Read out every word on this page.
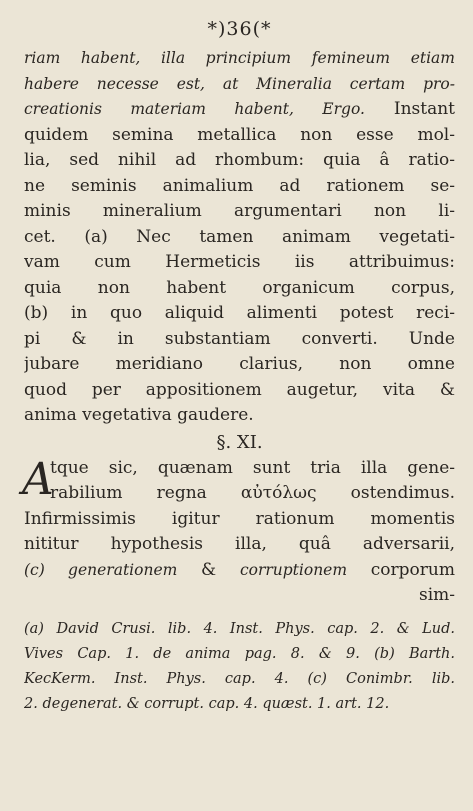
*)36(*
riam habent, illa principium femineum etiam
habere necesse est, at Mineralia certam pro-
creationis materiam habent, Ergo. Instant
quidem semina metallica non esse mol-
lia, sed nihil ad rhombum: quia â ratio-
ne seminis animalium ad rationem se-
minis mineralium argumentari non li-
cet. (a) Nec tamen animam vegetati-
vam cum Hermeticis iis attribuimus:
quia non habent organicum corpus,
(b) in quo aliquid alimenti potest reci-
pi & in substantiam converti. Unde
jubare meridiano clarius, non omne
quod per appositionem augetur, vita &
anima vegetativa gaudere.
§. XI.
A
tque sic, quænam sunt tria illa gene-
rabilium regna αὐτόλως ostendimus.
Infirmissimis igitur rationum momentis
nititur hypothesis illa, quâ adversarii,
(c) generationem & corruptionem corporum
sim-
(a) David Crusi. lib. 4. Inst. Phys. cap. 2. & Lud.
Vives Cap. 1. de anima pag. 8. & 9. (b) Barth.
KecKerm. Inst. Phys. cap. 4. (c) Conimbr. lib.
2. degenerat. & corrupt. cap. 4. quæst. 1. art. 12.
